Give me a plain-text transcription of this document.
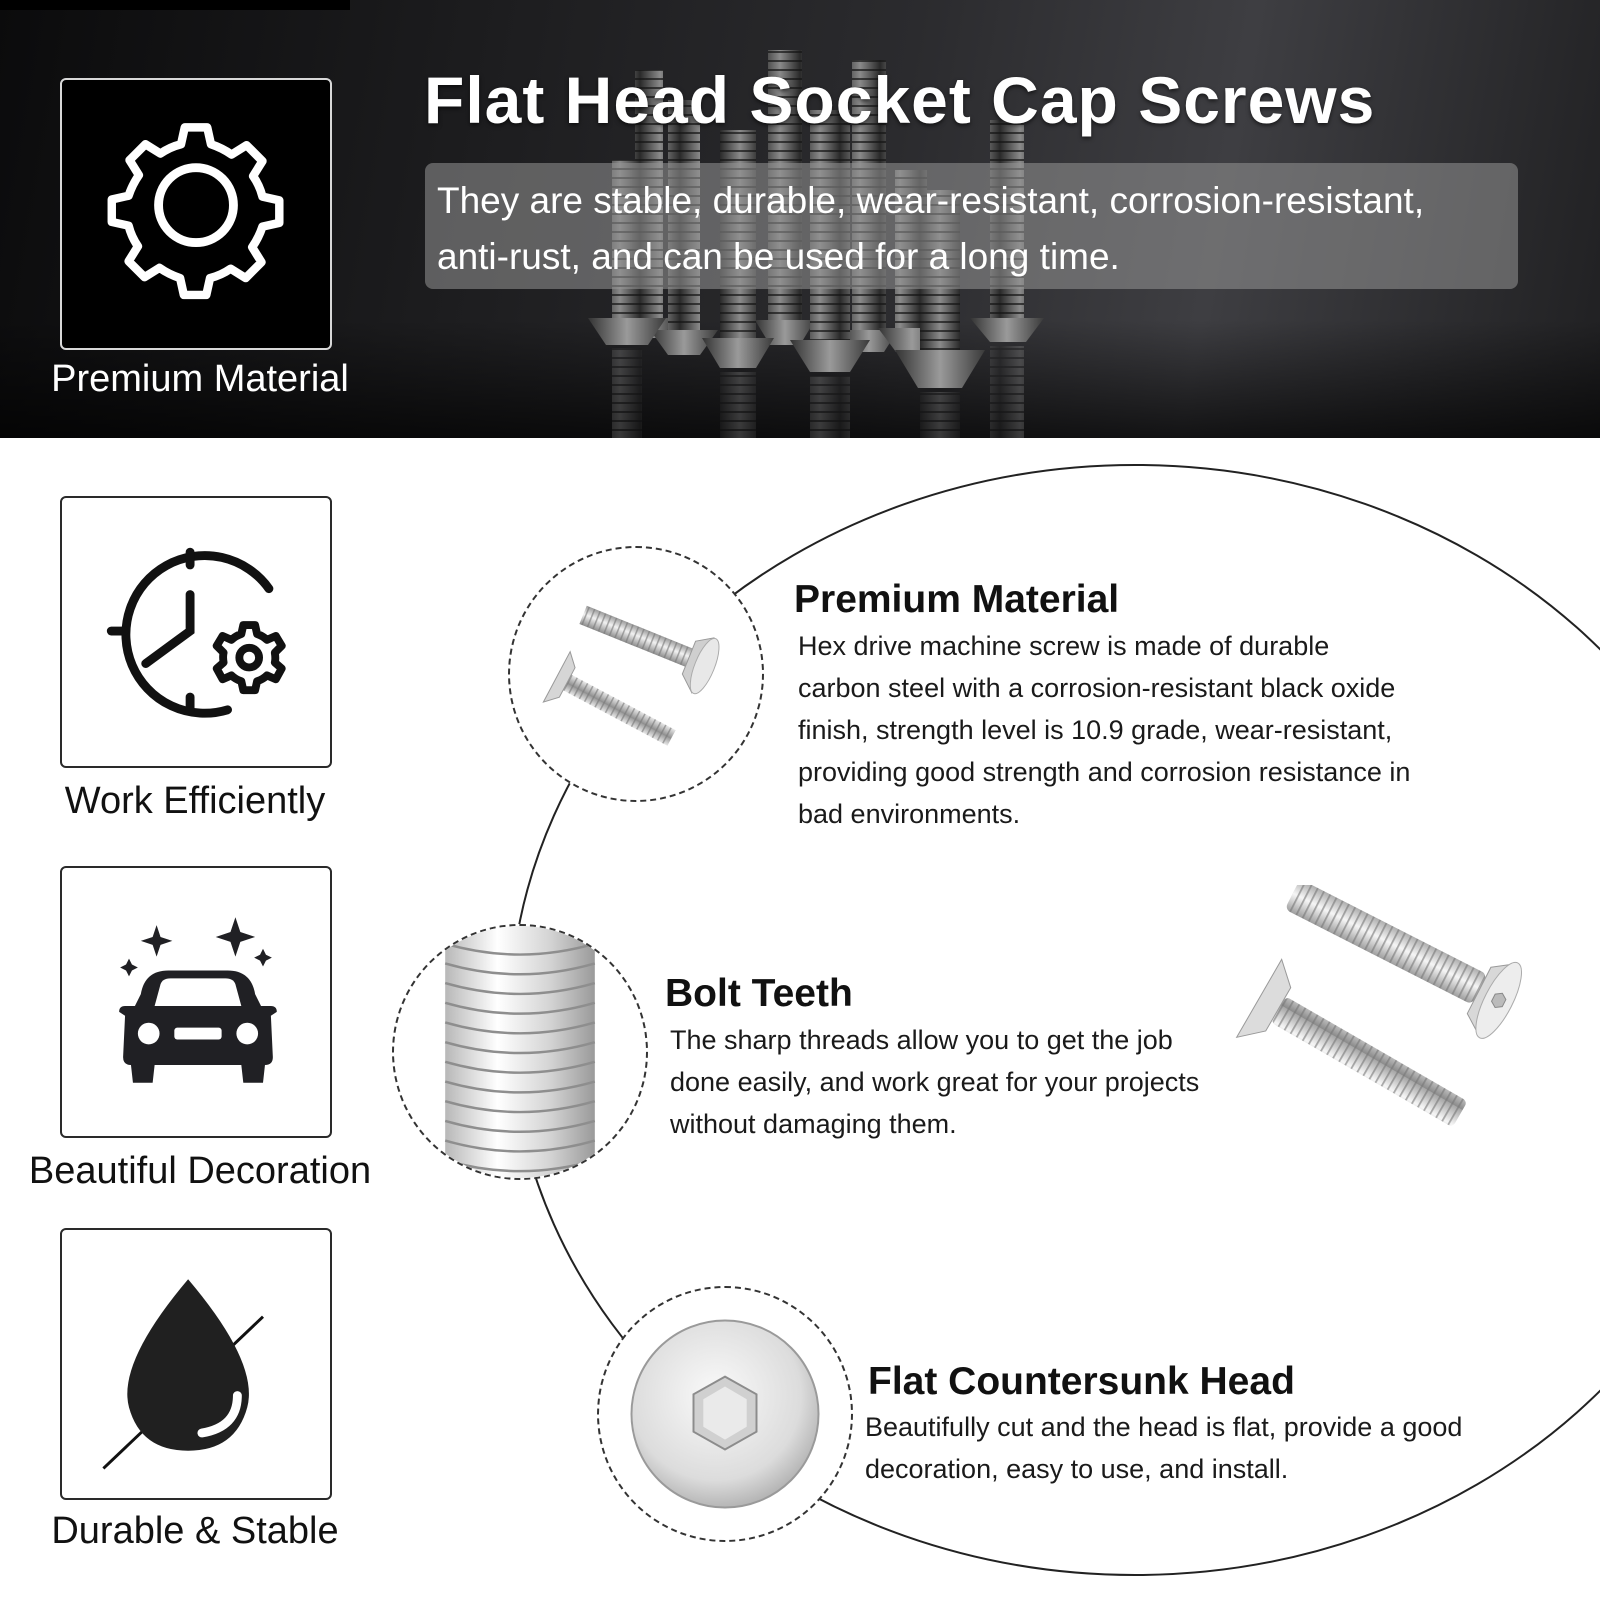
Premium Material
Flat Head Socket Cap Screws
They are stable, durable, wear-resistant, corrosion-resistant, anti-rust, and can be used for a long time.
Work Efficiently
Beautiful Decoration
Durable & Stable
Premium Material
Hex drive machine screw is made of durable carbon steel with a corrosion-resistant black oxide finish, strength level is 10.9 grade, wear-resistant, providing good strength and corrosion resistance in bad environments.
Bolt Teeth
The sharp threads allow you to get the job done easily, and work great for your projects without damaging them.
Flat Countersunk Head
Beautifully cut and the head is flat, provide a good decoration, easy to use, and install.
